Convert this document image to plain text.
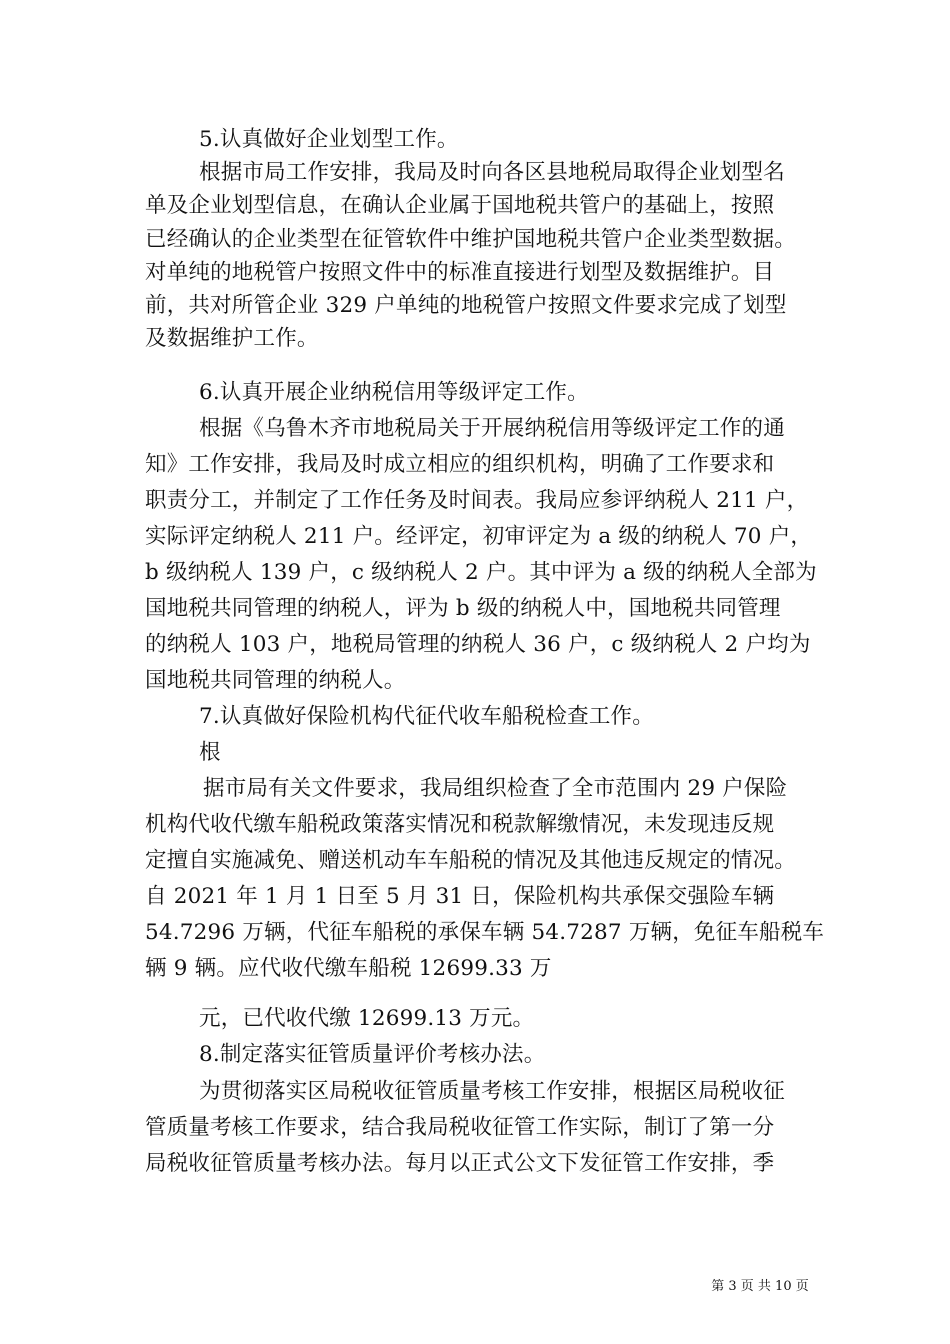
5.认真做好企业划型工作。
根据市局工作安排，我局及时向各区县地税局取得企业划型名
单及企业划型信息，在确认企业属于国地税共管户的基础上，按照
已经确认的企业类型在征管软件中维护国地税共管户企业类型数据。
对单纯的地税管户按照文件中的标准直接进行划型及数据维护。目
前，共对所管企业 329 户单纯的地税管户按照文件要求完成了划型
及数据维护工作。
6.认真开展企业纳税信用等级评定工作。
根据《乌鲁木齐市地税局关于开展纳税信用等级评定工作的通
知》工作安排，我局及时成立相应的组织机构，明确了工作要求和
职责分工，并制定了工作任务及时间表。我局应参评纳税人 211 户，
实际评定纳税人 211 户。经评定，初审评定为 a 级的纳税人 70 户，
b 级纳税人 139 户，c 级纳税人 2 户。其中评为 a 级的纳税人全部为
国地税共同管理的纳税人，评为 b 级的纳税人中，国地税共同管理
的纳税人 103 户，地税局管理的纳税人 36 户，c 级纳税人 2 户均为
国地税共同管理的纳税人。
7.认真做好保险机构代征代收车船税检查工作。
根
据市局有关文件要求，我局组织检查了全市范围内 29 户保险
机构代收代缴车船税政策落实情况和税款解缴情况，未发现违反规
定擅自实施减免、赠送机动车车船税的情况及其他违反规定的情况。
自 2021 年 1 月 1 日至 5 月 31 日，保险机构共承保交强险车辆
54.7296 万辆，代征车船税的承保车辆 54.7287 万辆，免征车船税车
辆 9 辆。应代收代缴车船税 12699.33 万
元，已代收代缴 12699.13 万元。
8.制定落实征管质量评价考核办法。
为贯彻落实区局税收征管质量考核工作安排，根据区局税收征
管质量考核工作要求，结合我局税收征管工作实际，制订了第一分
局税收征管质量考核办法。每月以正式公文下发征管工作安排，季
第 3 页 共 10 页
